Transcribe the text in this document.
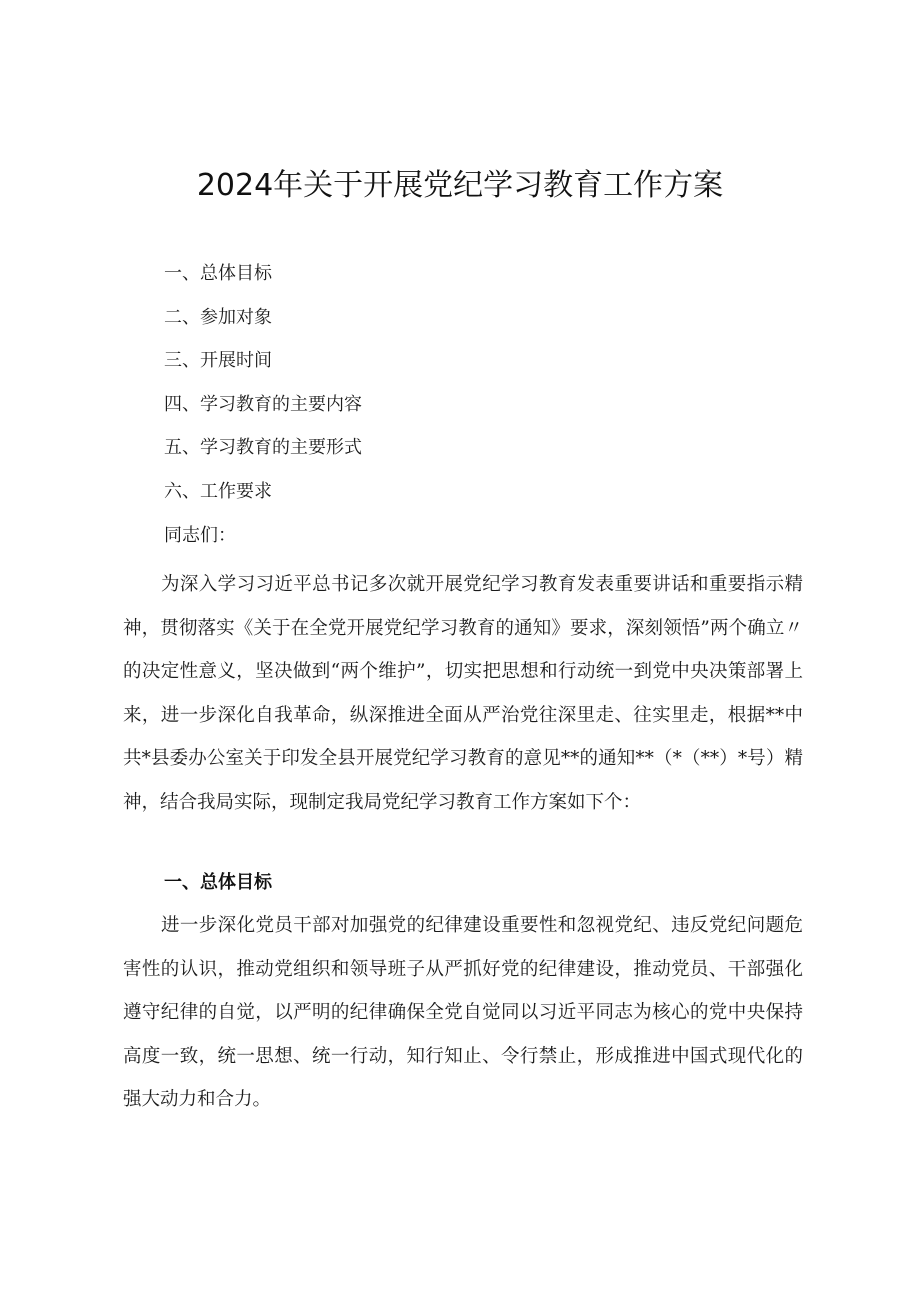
2024年关于开展党纪学习教育工作方案
一、总体目标
二、参加对象
三、开展时间
四、学习教育的主要内容
五、学习教育的主要形式
六、工作要求
同志们：

为深入学习习近平总书记多次就开展党纪学习教育发表重要讲话和重要指示精神，贯彻落实《关于在全党开展党纪学习教育的通知》要求，深刻领悟”两个确立〃的决定性意义，坚决做到“两个维护”，切实把思想和行动统一到党中央决策部署上来，进一步深化自我革命，纵深推进全面从严治党往深里走、往实里走，根据**中共*县委办公室关于印发全县开展党纪学习教育的意见**的通知**（*（**）*号）精神，结合我局实际，现制定我局党纪学习教育工作方案如下个：

一、总体目标

进一步深化党员干部对加强党的纪律建设重要性和忽视党纪、违反党纪问题危害性的认识，推动党组织和领导班子从严抓好党的纪律建设，推动党员、干部强化遵守纪律的自觉，以严明的纪律确保全党自觉同以习近平同志为核心的党中央保持高度一致，统一思想、统一行动，知行知止、令行禁止，形成推进中国式现代化的强大动力和合力。
